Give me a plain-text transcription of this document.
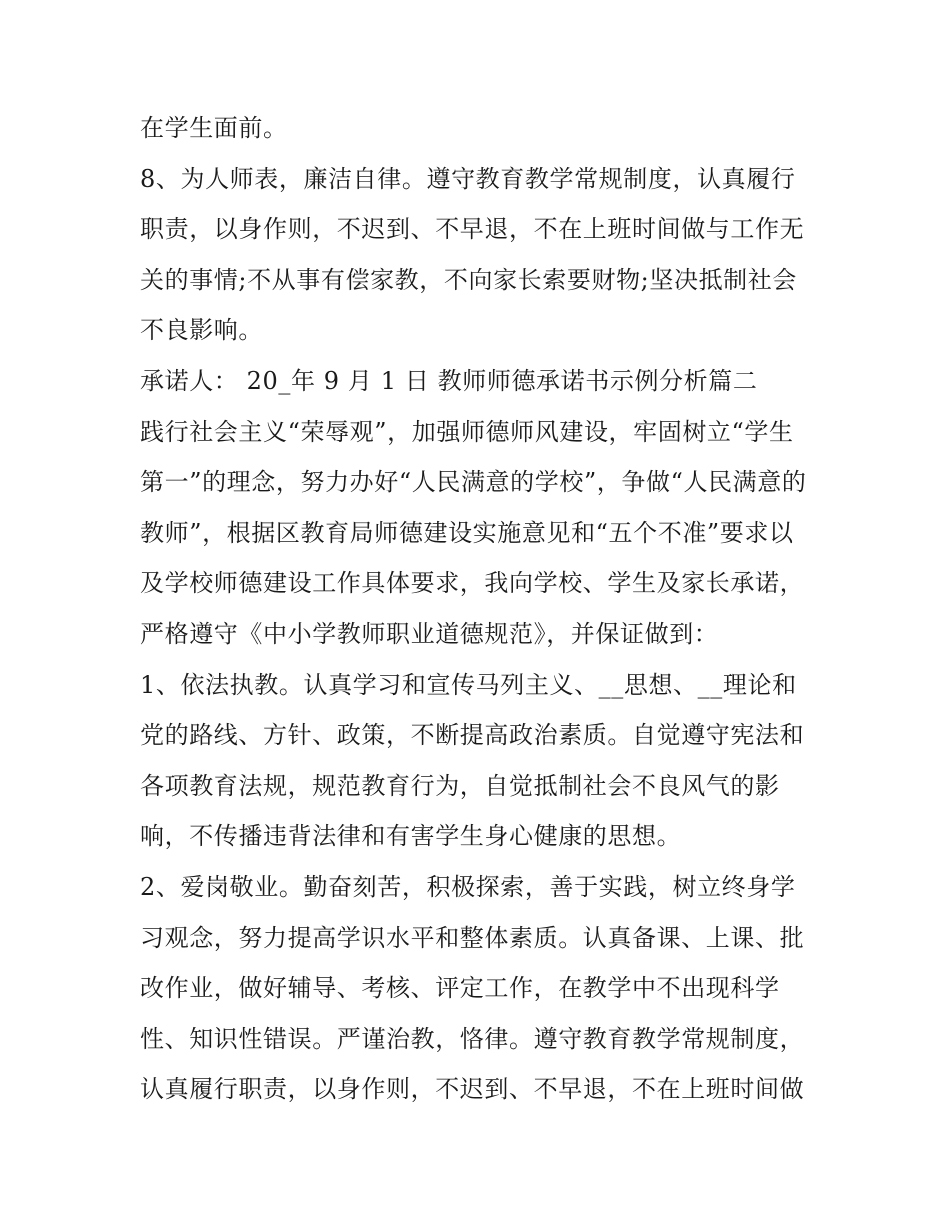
在学生面前。
8、为人师表，廉洁自律。遵守教育教学常规制度，认真履行
职责，以身作则，不迟到、不早退，不在上班时间做与工作无
关的事情;不从事有偿家教，不向家长索要财物;坚决抵制社会
不良影响。
承诺人： 20_年 9 月 1 日 教师师德承诺书示例分析篇二
践行社会主义“荣辱观”，加强师德师风建设，牢固树立“学生
第一”的理念，努力办好“人民满意的学校”，争做“人民满意的
教师”，根据区教育局师德建设实施意见和“五个不准”要求以
及学校师德建设工作具体要求，我向学校、学生及家长承诺，
严格遵守《中小学教师职业道德规范》，并保证做到：
1、依法执教。认真学习和宣传马列主义、__思想、__理论和
党的路线、方针、政策，不断提高政治素质。自觉遵守宪法和
各项教育法规，规范教育行为，自觉抵制社会不良风气的影
响，不传播违背法律和有害学生身心健康的思想。
2、爱岗敬业。勤奋刻苦，积极探索，善于实践，树立终身学
习观念，努力提高学识水平和整体素质。认真备课、上课、批
改作业，做好辅导、考核、评定工作，在教学中不出现科学
性、知识性错误。严谨治教，恪律。遵守教育教学常规制度，
认真履行职责，以身作则，不迟到、不早退，不在上班时间做
